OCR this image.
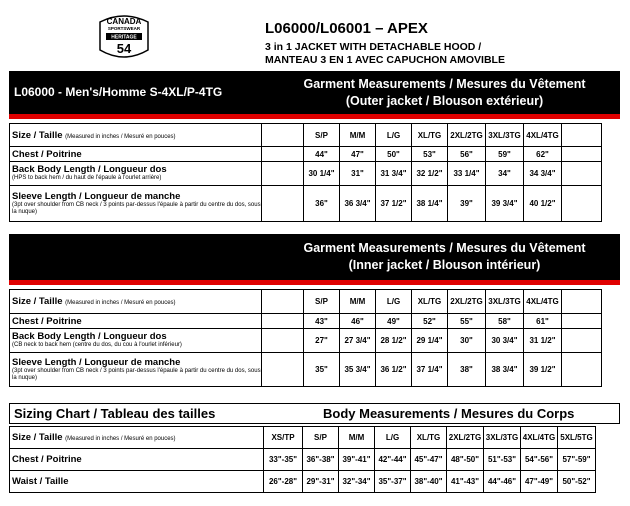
CANADA
SPORTSWEAR
HERITAGE
54
L06000/L06001 – APEX
3 in 1 JACKET WITH DETACHABLE HOOD /
MANTEAU 3 EN 1 AVEC CAPUCHON AMOVIBLE
L06000 - Men's/Homme S-4XL/P-4TG
Garment Measurements / Mesures du Vêtement
(Outer jacket / Blouson extérieur)
Size / Taille (Measured in inches / Mesuré en pouces)		S/P	M/M	L/G	XL/TG	2XL/2TG	3XL/3TG	4XL/4TG	

Chest / Poitrine		44"	47"	50"	53"	56"	59"	62"	

Back Body Length / Longueur dos
(HPS to back hem / du haut de l'épaule à l'ourlet arrière)		30 1/4"	31"	31 3/4"	32 1/2"	33 1/4"	34"	34 3/4"	

Sleeve Length / Longueur de manche
(3pt over shoulder from CB neck / 3 points par-dessus l'épaule à partir du centre du dos, sous la nuque)		36"	36 3/4"	37 1/2"	38 1/4"	39"	39 3/4"	40 1/2"	
Garment Measurements / Mesures du Vêtement
(Inner jacket / Blouson intérieur)
Size / Taille (Measured in inches / Mesuré en pouces)		S/P	M/M	L/G	XL/TG	2XL/2TG	3XL/3TG	4XL/4TG	

Chest / Poitrine		43"	46"	49"	52"	55"	58"	61"	

Back Body Length / Longueur dos
(CB neck to back hem (centre du dos, du cou à l'ourlet inférieur)		27"	27 3/4"	28 1/2"	29 1/4"	30"	30 3/4"	31 1/2"	

Sleeve Length / Longueur de manche
(3pt over shoulder from CB neck / 3 points par-dessus l'épaule à partir du centre du dos, sous la nuque)		35"	35 3/4"	36 1/2"	37 1/4"	38"	38 3/4"	39 1/2"	
Sizing Chart / Tableau des tailles	Body Measurements / Mesures du Corps
Size / Taille (Measured in inches / Mesuré en pouces)	XS/TP	S/P	M/M	L/G	XL/TG	2XL/2TG	3XL/3TG	4XL/4TG	5XL/5TG

Chest / Poitrine	33"-35"	36"-38"	39"-41"	42"-44"	45"-47"	48"-50"	51"-53"	54"-56"	57"-59"

Waist / Taille	26"-28"	29"-31"	32"-34"	35"-37"	38"-40"	41"-43"	44"-46"	47"-49"	50"-52"
